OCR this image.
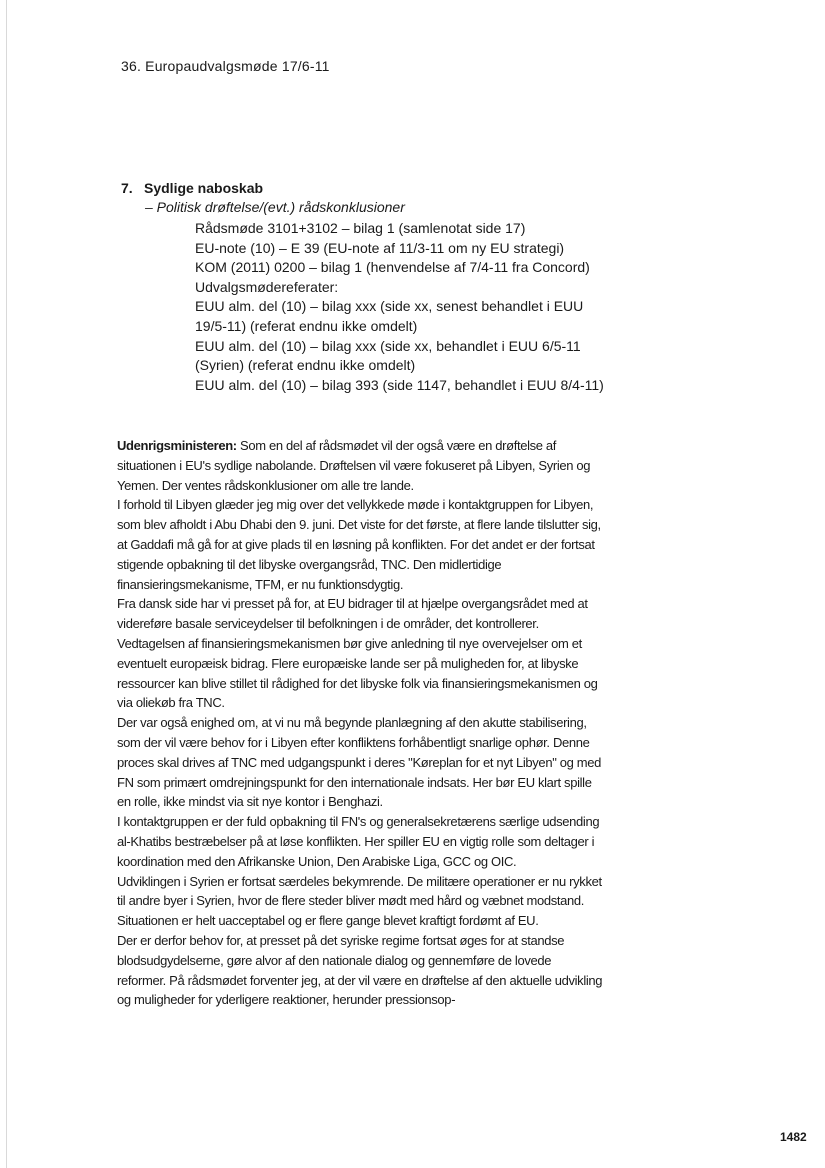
36. Europaudvalgsmøde 17/6-11
7. Sydlige naboskab
– Politisk drøftelse/(evt.) rådskonklusioner
Rådsmøde 3101+3102 – bilag 1 (samlenotat side 17)
EU-note (10) – E 39 (EU-note af 11/3-11 om ny EU strategi)
KOM (2011) 0200 – bilag 1 (henvendelse af 7/4-11 fra Concord)
Udvalgsmødereferater:
EUU alm. del (10) – bilag xxx (side xx, senest behandlet i EUU 19/5-11) (referat endnu ikke omdelt)
EUU alm. del (10) – bilag xxx (side xx, behandlet i EUU 6/5-11 (Syrien) (referat endnu ikke omdelt)
EUU alm. del (10) – bilag 393 (side 1147, behandlet i EUU 8/4-11)

Udenrigsministeren: Som en del af rådsmødet vil der også være en drøftelse af situationen i EU's sydlige nabolande. Drøftelsen vil være fokuseret på Libyen, Syrien og Yemen. Der ventes rådskonklusioner om alle tre lande.

I forhold til Libyen glæder jeg mig over det vellykkede møde i kontaktgruppen for Libyen, som blev afholdt i Abu Dhabi den 9. juni. Det viste for det første, at flere lande tilslutter sig, at Gaddafi må gå for at give plads til en løsning på konflikten. For det andet er der fortsat stigende opbakning til det libyske overgangsråd, TNC. Den midlertidige finansieringsmekanisme, TFM, er nu funktionsdygtig.

Fra dansk side har vi presset på for, at EU bidrager til at hjælpe overgangsrådet med at videreføre basale serviceydelser til befolkningen i de områder, det kontrollerer. Vedtagelsen af finansieringsmekanismen bør give anledning til nye overvejelser om et eventuelt europæisk bidrag. Flere europæiske lande ser på muligheden for, at libyske ressourcer kan blive stillet til rådighed for det libyske folk via finansieringsmekanismen og via oliekøb fra TNC.

Der var også enighed om, at vi nu må begynde planlægning af den akutte stabilisering, som der vil være behov for i Libyen efter konfliktens forhåbentligt snarlige ophør. Denne proces skal drives af TNC med udgangspunkt i deres "Køreplan for et nyt Libyen" og med FN som primært omdrejningspunkt for den internationale indsats. Her bør EU klart spille en rolle, ikke mindst via sit nye kontor i Benghazi.

I kontaktgruppen er der fuld opbakning til FN's og generalsekretærens særlige udsending al-Khatibs bestræbelser på at løse konflikten. Her spiller EU en vigtig rolle som deltager i koordination med den Afrikanske Union, Den Arabiske Liga, GCC og OIC.

Udviklingen i Syrien er fortsat særdeles bekymrende. De militære operationer er nu rykket til andre byer i Syrien, hvor de flere steder bliver mødt med hård og væbnet modstand. Situationen er helt uacceptabel og er flere gange blevet kraftigt fordømt af EU.

Der er derfor behov for, at presset på det syriske regime fortsat øges for at standse blodsudgydelserne, gøre alvor af den nationale dialog og gennemføre de lovede reformer. På rådsmødet forventer jeg, at der vil være en drøftelse af den aktuelle udvikling og muligheder for yderligere reaktioner, herunder pressionsop-

1482
